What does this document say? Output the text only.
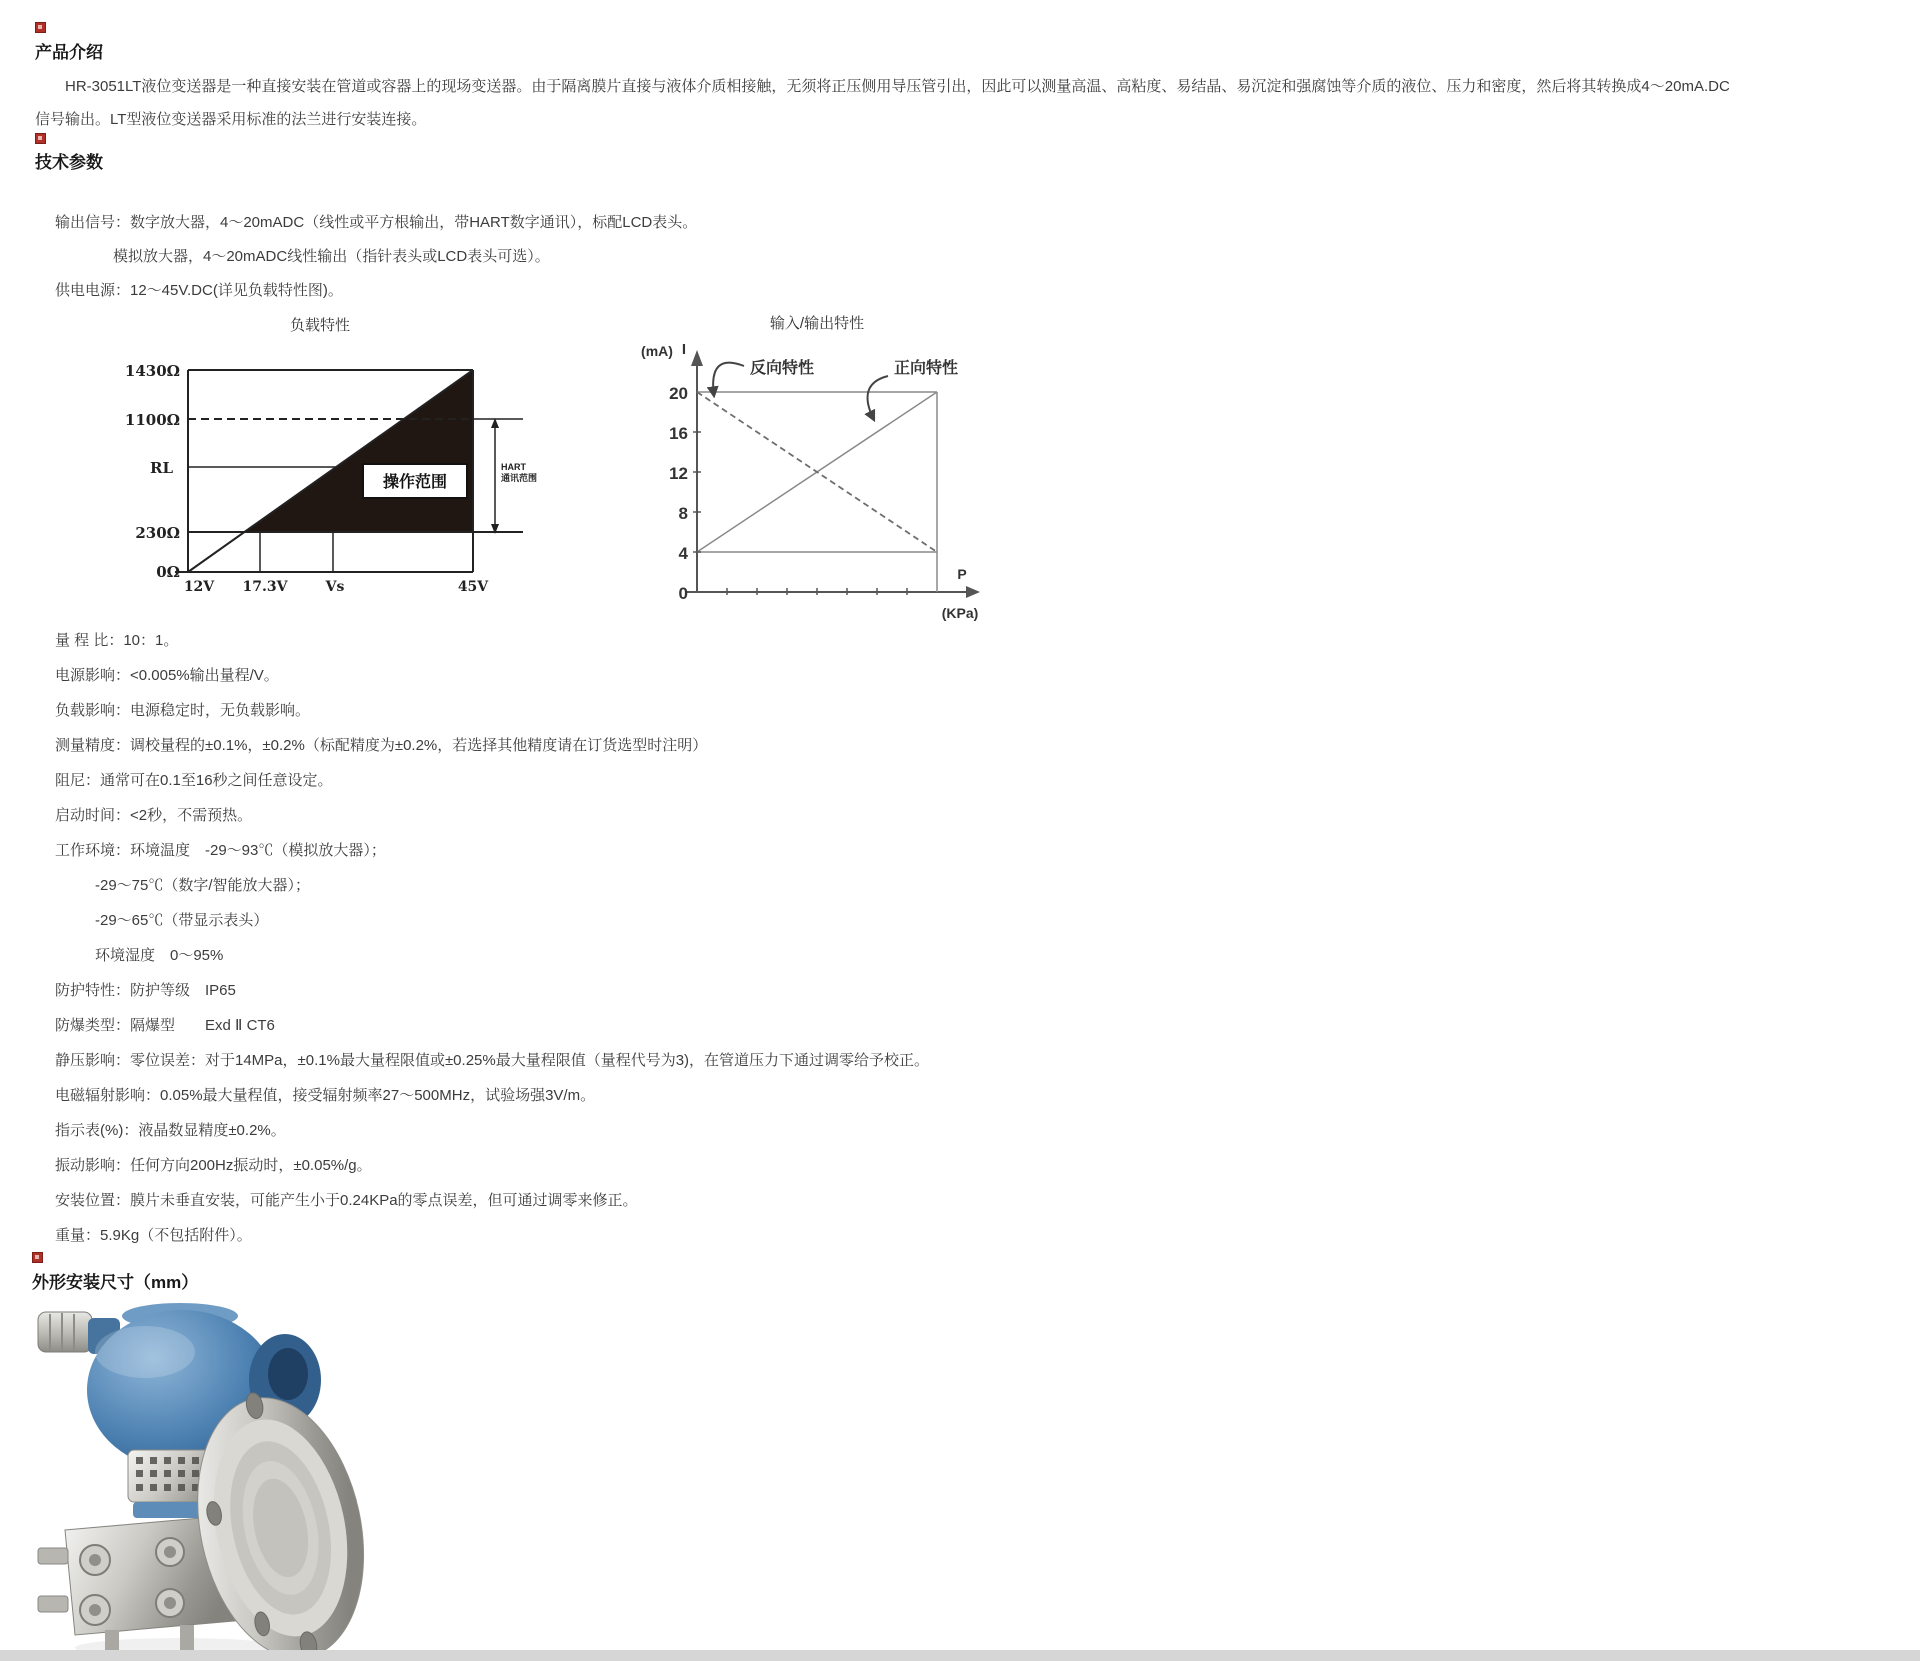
产品介绍
　　HR-3051LT液位变送器是一种直接安装在管道或容器上的现场变送器。由于隔离膜片直接与液体介质相接触，无须将正压侧用导压管引出，因此可以测量高温、高粘度、易结晶、易沉淀和强腐蚀等介质的液位、压力和密度，然后将其转换成4～20mA.DC
信号输出。LT型液位变送器采用标准的法兰进行安装连接。
技术参数
输出信号：数字放大器，4～20mADC（线性或平方根输出，带HART数字通讯），标配LCD表头。
模拟放大器，4～20mADC线性输出（指针表头或LCD表头可选）。
供电电源：12～45V.DC(详见负载特性图)。
负载特性
1430Ω
1100Ω
RL
230Ω
0Ω
12V 17.3V	Vs	45V
操作范围
HART
通讯范围
输入/输出特性
20
16
12
8
4
0
(mA) I
P
(KPa)
反向特性	正向特性
量 程 比：10：1。
电源影响：<0.005%输出量程/V。
负载影响：电源稳定时，无负载影响。
测量精度：调校量程的±0.1%，±0.2%（标配精度为±0.2%，若选择其他精度请在订货选型时注明）
阻尼：通常可在0.1至16秒之间任意设定。
启动时间：<2秒，不需预热。
工作环境：环境温度　-29～93℃（模拟放大器）；
-29～75℃（数字/智能放大器）；
-29～65℃（带显示表头）
环境湿度　0～95%
防护特性：防护等级　IP65
防爆类型：隔爆型　　Exd Ⅱ CT6
静压影响：零位误差：对于14MPa，±0.1%最大量程限值或±0.25%最大量程限值（量程代号为3)，在管道压力下通过调零给予校正。
电磁辐射影响：0.05%最大量程值，接受辐射频率27～500MHz，试验场强3V/m。
指示表(%)：液晶数显精度±0.2%。
振动影响：任何方向200Hz振动时，±0.05%/g。
安装位置：膜片未垂直安装，可能产生小于0.24KPa的零点误差，但可通过调零来修正。
重量：5.9Kg（不包括附件）。
外形安装尺寸（mm）
